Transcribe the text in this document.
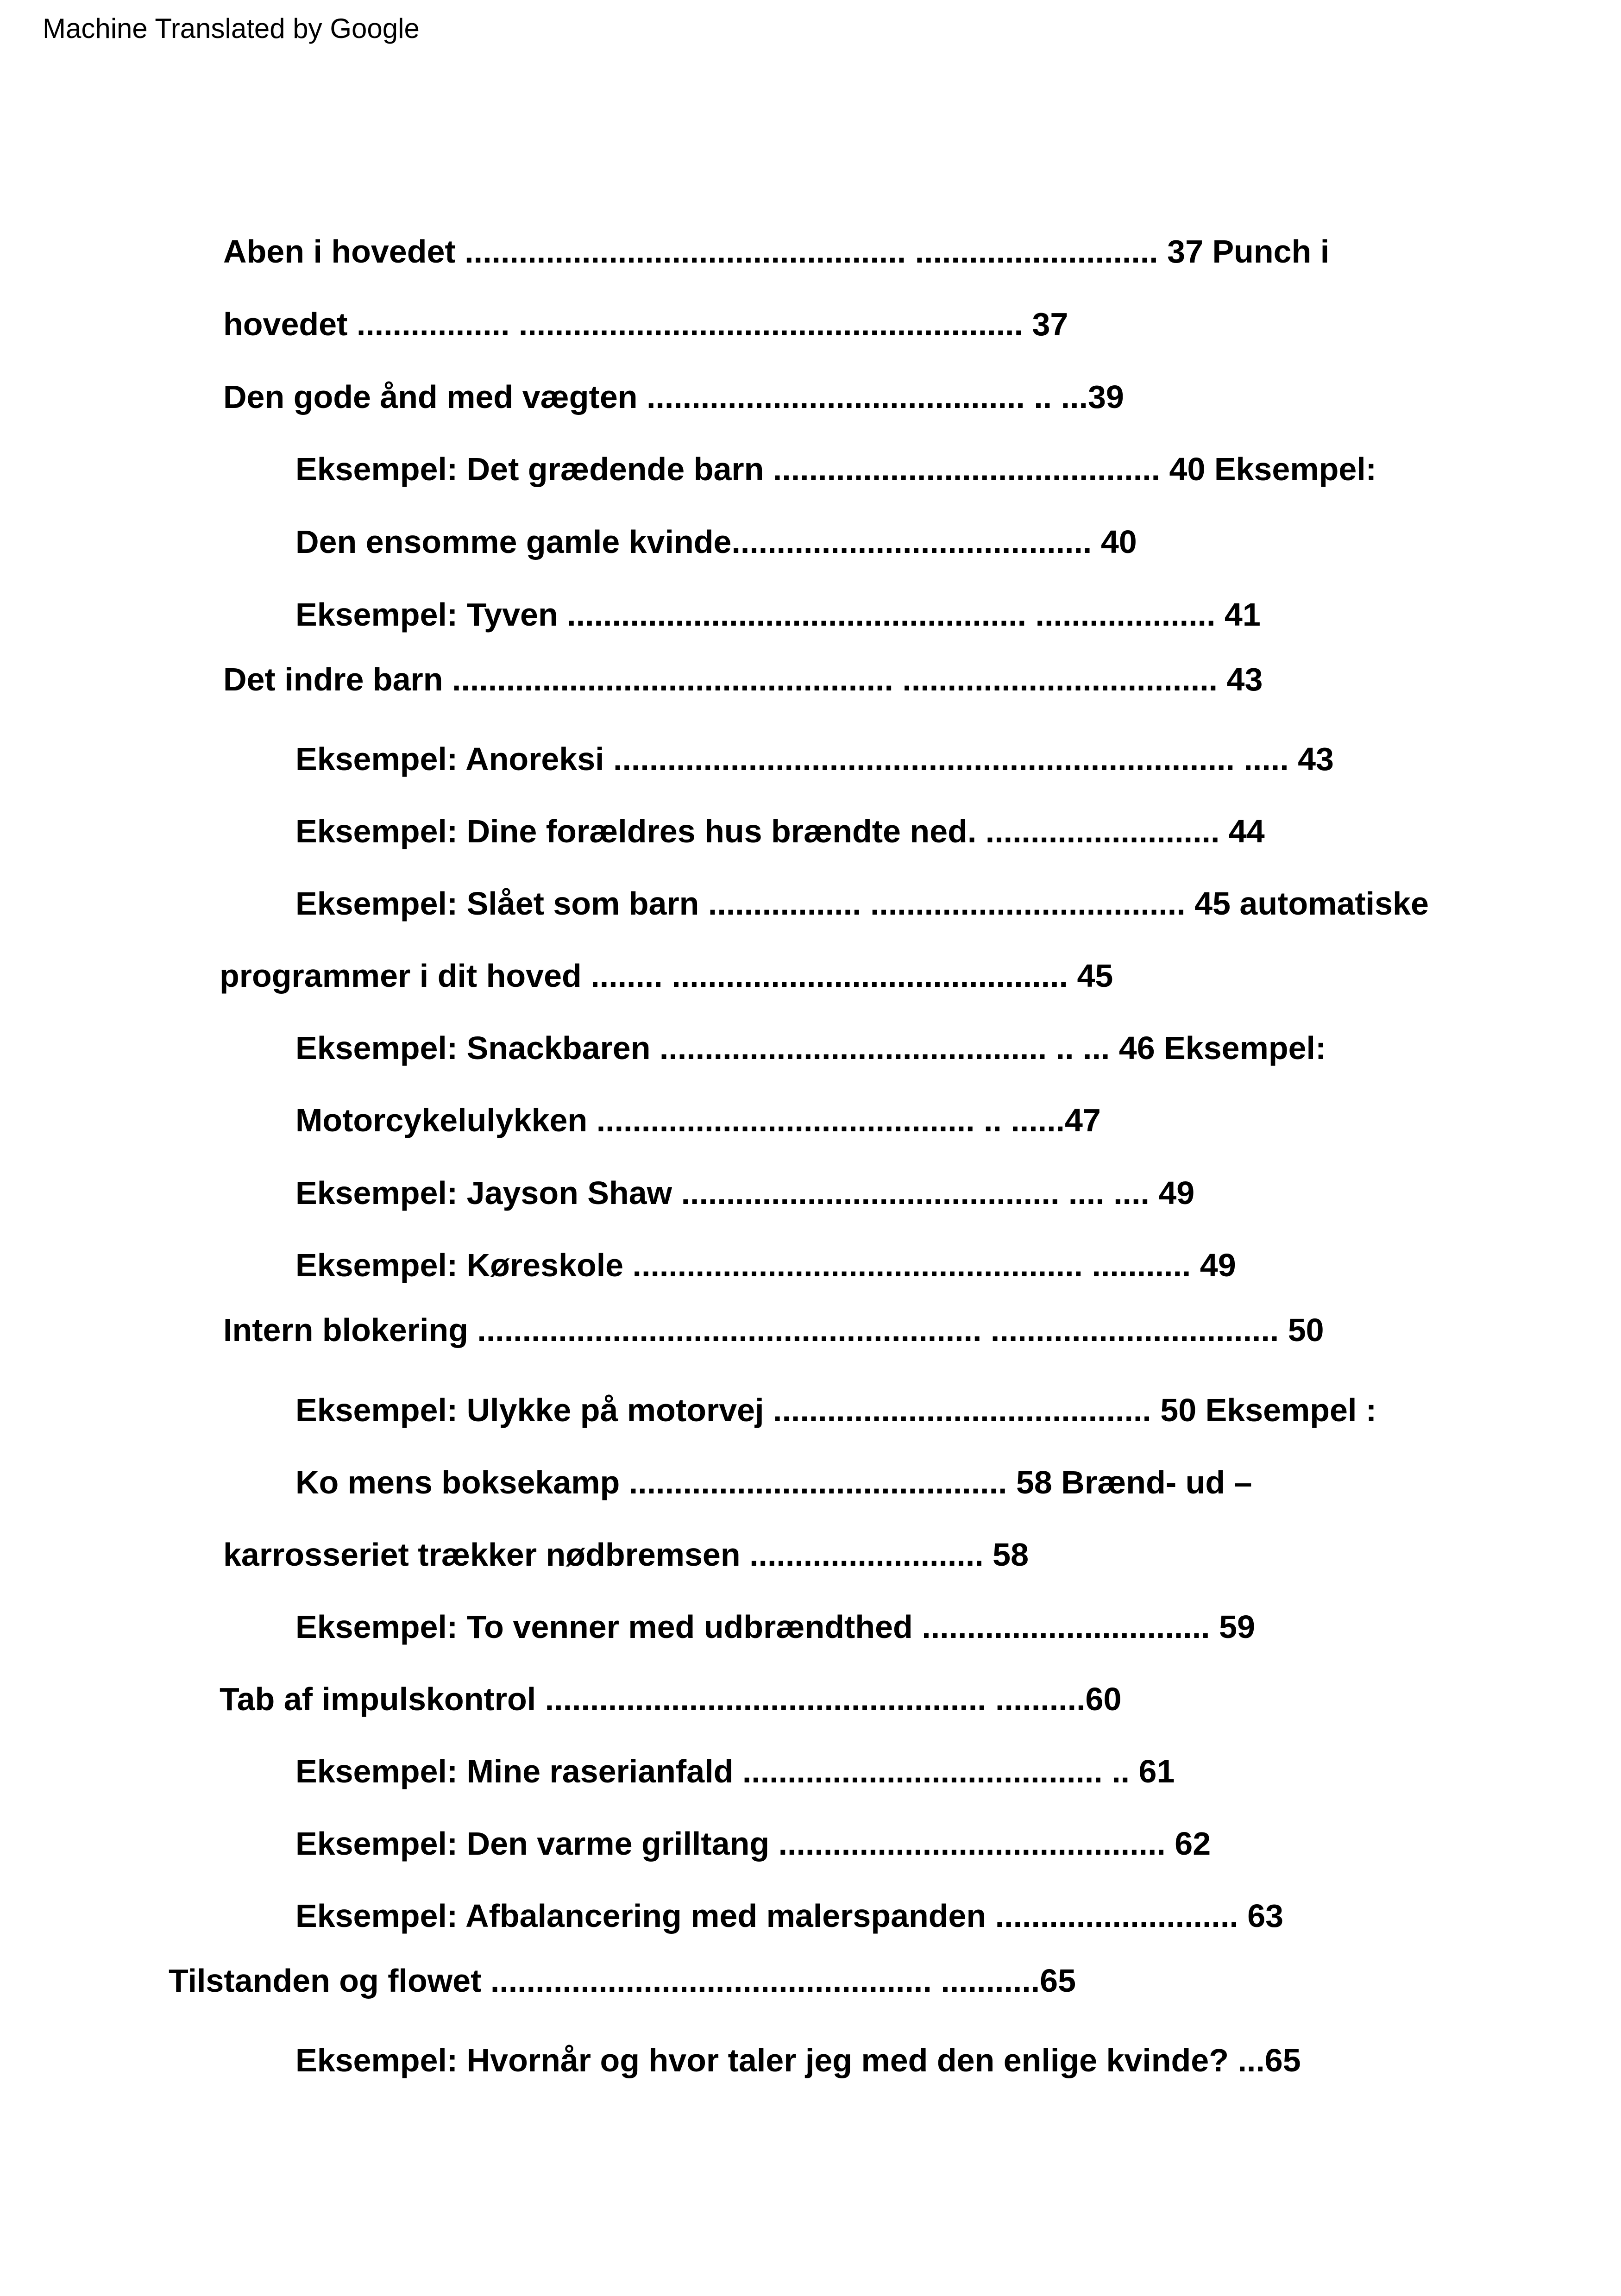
Machine Translated by Google
Aben i hovedet ................................................. ........................... 37 Punch i
hovedet ................. ........................................................ 37
Den gode ånd med vægten .......................................... .. ...39
Eksempel: Det grædende barn ........................................... 40 Eksempel:
Den ensomme gamle kvinde........................................ 40
Eksempel: Tyven ................................................... .................... 41
Det indre barn ................................................. ................................... 43
Eksempel: Anoreksi ..................................................................... ..... 43
Eksempel: Dine forældres hus brændte ned. .......................... 44
Eksempel: Slået som barn ................. ................................... 45 automatiske
programmer i dit hoved ........ ............................................ 45
Eksempel: Snackbaren ........................................... .. ... 46 Eksempel:
Motorcykelulykken .......................................... .. ......47
Eksempel: Jayson Shaw .......................................... .... .... 49
Eksempel: Køreskole .................................................. ........... 49
Intern blokering ........................................................ ................................ 50
Eksempel: Ulykke på motorvej .......................................... 50 Eksempel :
Ko mens boksekamp .......................................... 58 Brænd- ud –
karrosseriet trækker nødbremsen .......................... 58
Eksempel: To venner med udbrændthed ................................ 59
Tab af impulskontrol ................................................. ..........60
Eksempel: Mine raserianfald ........................................ .. 61
Eksempel: Den varme grilltang ........................................... 62
Eksempel: Afbalancering med malerspanden ........................... 63
Tilstanden og flowet ................................................. ...........65
Eksempel: Hvornår og hvor taler jeg med den enlige kvinde? ...65
